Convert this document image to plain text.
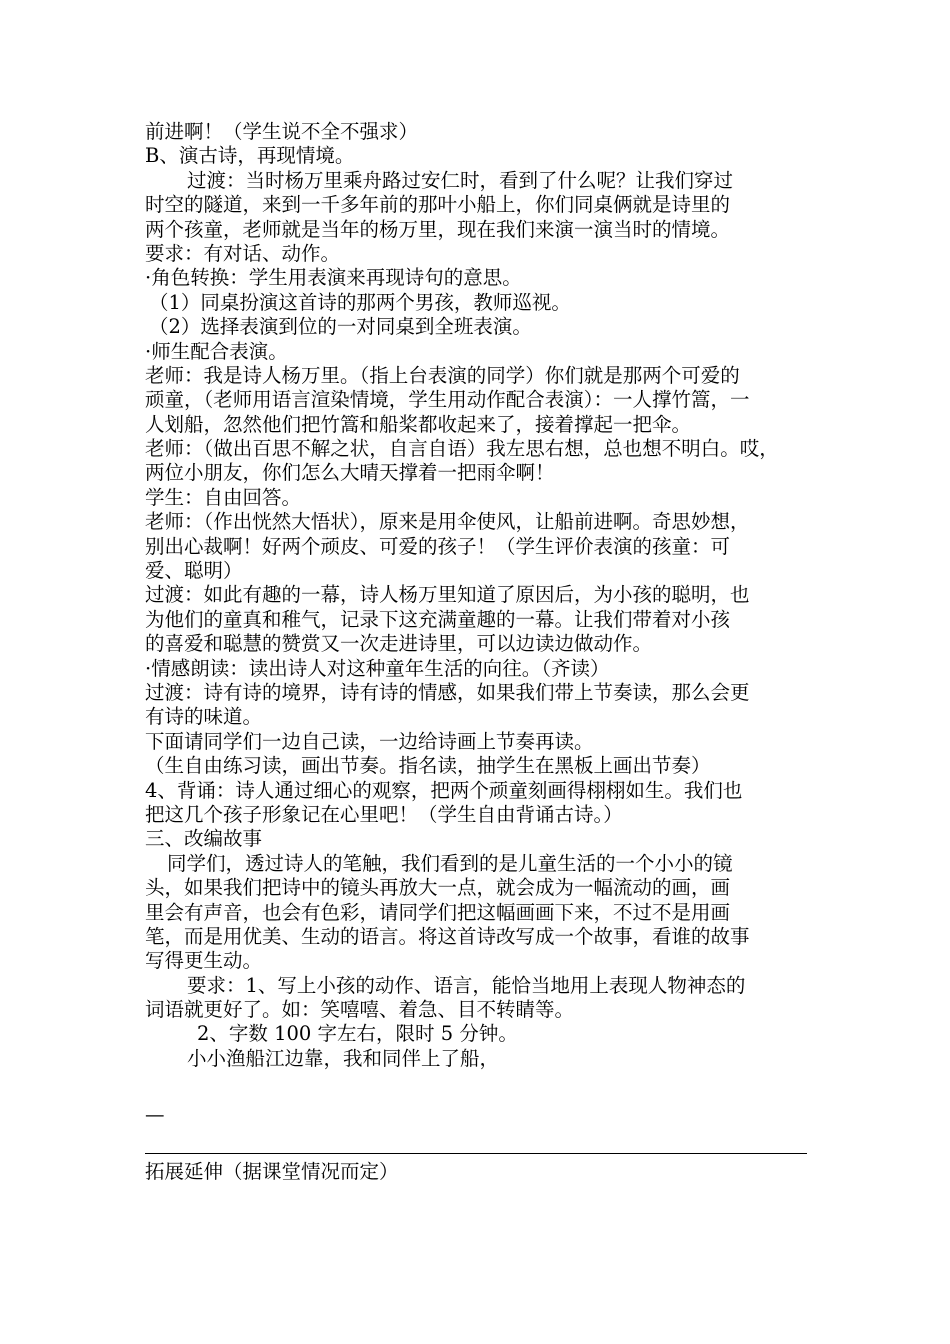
前进啊！（学生说不全不强求）
B、演古诗，再现情境。
过渡：当时杨万里乘舟路过安仁时，看到了什么呢？让我们穿过
时空的隧道，来到一千多年前的那叶小船上，你们同桌俩就是诗里的
两个孩童，老师就是当年的杨万里，现在我们来演一演当时的情境。
要求：有对话、动作。
·角色转换：学生用表演来再现诗句的意思。
（1）同桌扮演这首诗的那两个男孩，教师巡视。
（2）选择表演到位的一对同桌到全班表演。
·师生配合表演。
老师：我是诗人杨万里。（指上台表演的同学）你们就是那两个可爱的
顽童，（老师用语言渲染情境，学生用动作配合表演）：一人撑竹篙，一
人划船，忽然他们把竹篙和船桨都收起来了，接着撑起一把伞。
老师：（做出百思不解之状，自言自语）我左思右想，总也想不明白。哎，
两位小朋友，你们怎么大晴天撑着一把雨伞啊！
学生：自由回答。
老师：（作出恍然大悟状），原来是用伞使风，让船前进啊。奇思妙想，
别出心裁啊！好两个顽皮、可爱的孩子！（学生评价表演的孩童：可
爱、聪明）
过渡：如此有趣的一幕，诗人杨万里知道了原因后，为小孩的聪明，也
为他们的童真和稚气，记录下这充满童趣的一幕。让我们带着对小孩
的喜爱和聪慧的赞赏又一次走进诗里，可以边读边做动作。
·情感朗读：读出诗人对这种童年生活的向往。（齐读）
过渡：诗有诗的境界，诗有诗的情感，如果我们带上节奏读，那么会更
有诗的味道。
下面请同学们一边自己读，一边给诗画上节奏再读。
（生自由练习读，画出节奏。指名读，抽学生在黑板上画出节奏）
4、背诵：诗人通过细心的观察，把两个顽童刻画得栩栩如生。我们也
把这几个孩子形象记在心里吧！（学生自由背诵古诗。）
三、改编故事
同学们，透过诗人的笔触，我们看到的是儿童生活的一个小小的镜
头，如果我们把诗中的镜头再放大一点，就会成为一幅流动的画，画
里会有声音，也会有色彩，请同学们把这幅画画下来，不过不是用画
笔，而是用优美、生动的语言。将这首诗改写成一个故事，看谁的故事
写得更生动。
要求：1、写上小孩的动作、语言，能恰当地用上表现人物神态的
词语就更好了。如：笑嘻嘻、着急、目不转睛等。
2、字数 100 字左右，限时 5 分钟。
小小渔船江边靠，我和同伴上了船，
—
拓展延伸（据课堂情况而定）
